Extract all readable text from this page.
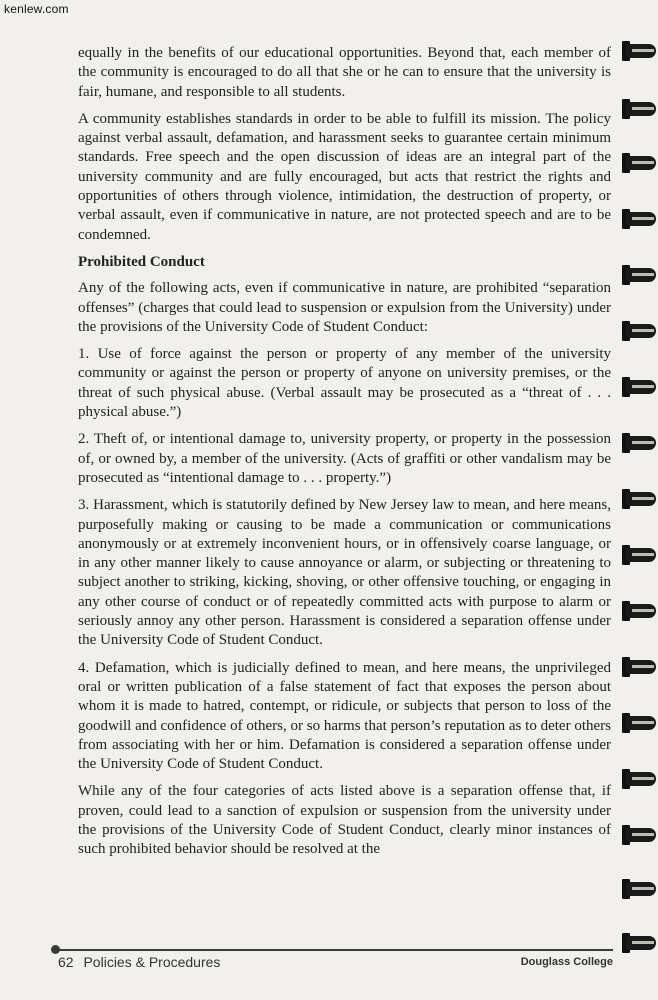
kenlew.com

equally in the benefits of our educational opportunities. Beyond that, each member of the community is encouraged to do all that she or he can to ensure that the university is fair, humane, and responsible to all students.

A community establishes standards in order to be able to fulfill its mission. The policy against verbal assault, defamation, and harassment seeks to guarantee certain minimum standards. Free speech and the open discussion of ideas are an integral part of the university community and are fully encouraged, but acts that restrict the rights and opportunities of others through violence, intimidation, the destruction of property, or verbal assault, even if communicative in nature, are not protected speech and are to be condemned.

Prohibited Conduct

Any of the following acts, even if communicative in nature, are prohibited “separation offenses” (charges that could lead to suspension or expulsion from the University) under the provisions of the University Code of Student Conduct:

1. Use of force against the person or property of any member of the university community or against the person or property of anyone on university premises, or the threat of such physical abuse. (Verbal assault may be prosecuted as a “threat of . . . physical abuse.”)

2. Theft of, or intentional damage to, university property, or property in the possession of, or owned by, a member of the university. (Acts of graffiti or other vandalism may be prosecuted as “intentional damage to . . . property.”)

3. Harassment, which is statutorily defined by New Jersey law to mean, and here means, purposefully making or causing to be made a communication or communications anonymously or at extremely inconvenient hours, or in offensively coarse language, or in any other manner likely to cause annoyance or alarm, or subjecting or threatening to subject another to striking, kicking, shoving, or other offensive touching, or engaging in any other course of conduct or of repeatedly committed acts with purpose to alarm or seriously annoy any other person. Harassment is considered a separation offense under the University Code of Student Conduct.

4. Defamation, which is judicially defined to mean, and here means, the unprivileged oral or written publication of a false statement of fact that exposes the person about whom it is made to hatred, contempt, or ridicule, or subjects that person to loss of the goodwill and confidence of others, or so harms that person’s reputation as to deter others from associating with her or him. Defamation is considered a separation offense under the University Code of Student Conduct.

While any of the four categories of acts listed above is a separation offense that, if proven, could lead to a sanction of expulsion or suspension from the university under the provisions of the University Code of Student Conduct, clearly minor instances of such prohibited behavior should be resolved at the

62 Policies & Procedures	Douglass College
